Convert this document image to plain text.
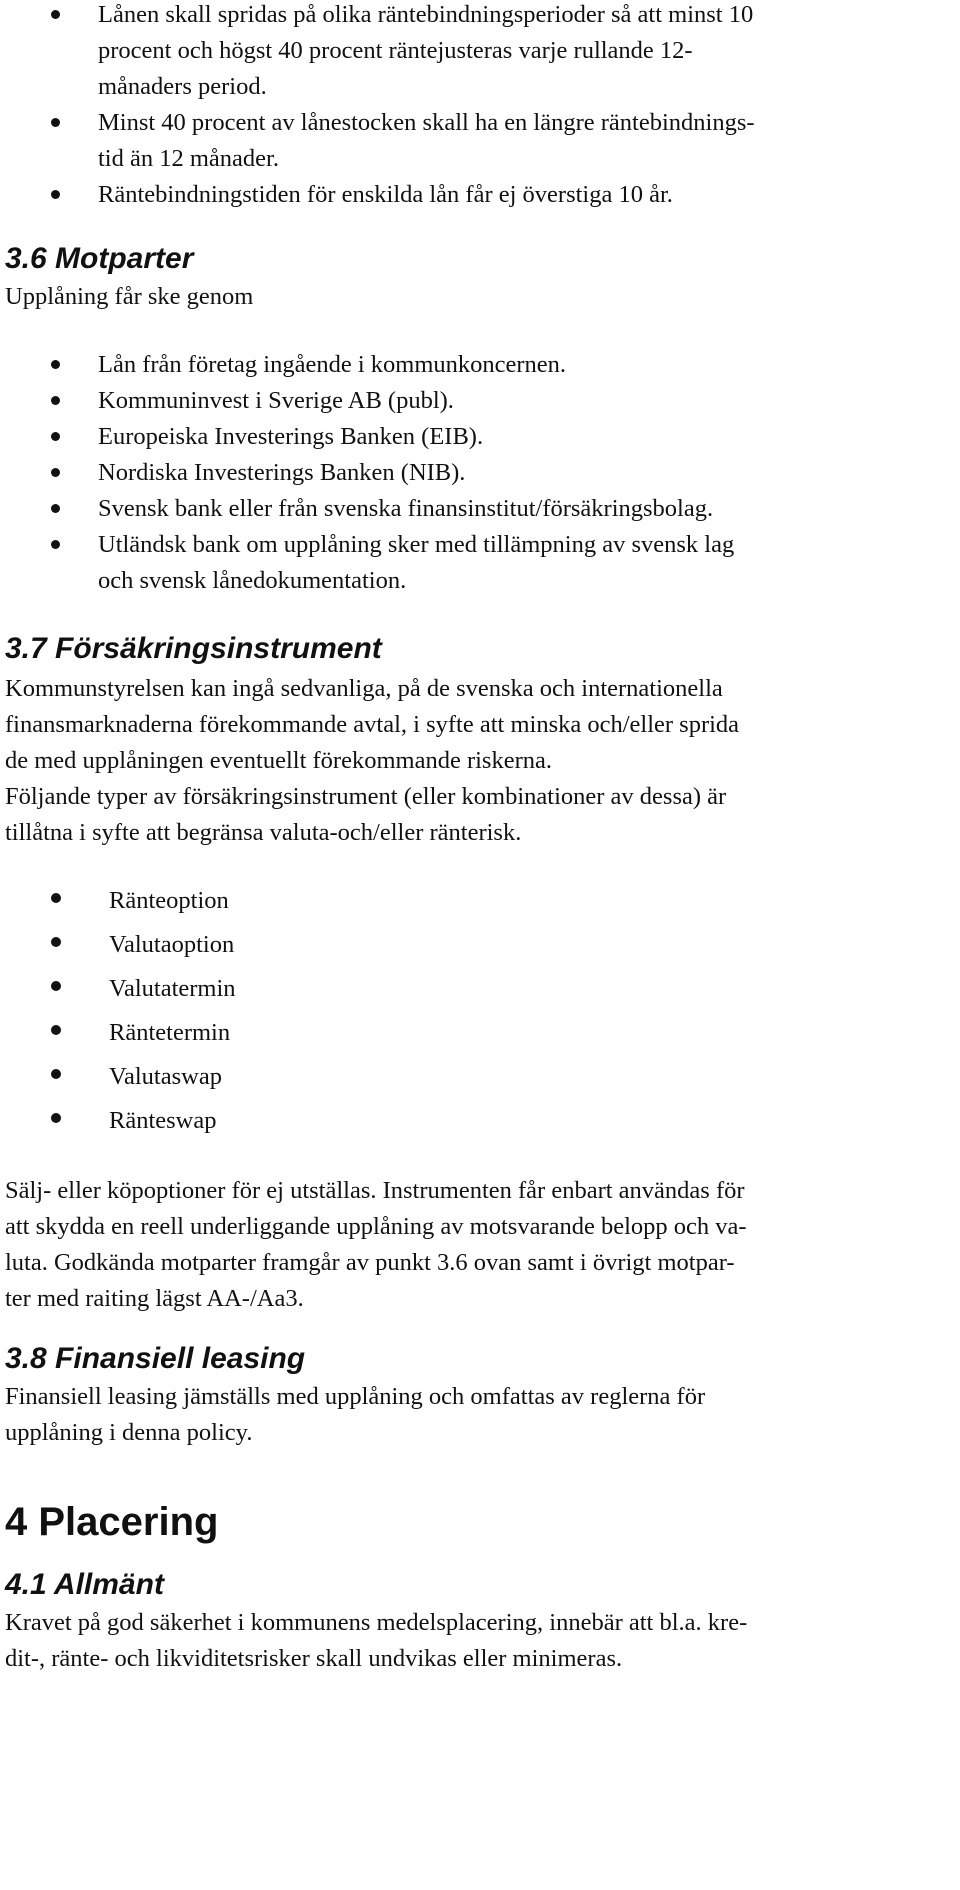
Lånen skall spridas på olika räntebindningsperioder så att minst 10
procent och högst 40 procent räntejusteras varje rullande 12-
månaders period.
Minst 40 procent av lånestocken skall ha en längre räntebindnings-
tid än 12 månader.
Räntebindningstiden för enskilda lån får ej överstiga 10 år.
3.6 Motparter

Upplåning får ske genom

Lån från företag ingående i kommunkoncernen.
Kommuninvest i Sverige AB (publ).
Europeiska Investerings Banken (EIB).
Nordiska Investerings Banken (NIB).
Svensk bank eller från svenska finansinstitut/försäkringsbolag.
Utländsk bank om upplåning sker med tillämpning av svensk lag
och svensk lånedokumentation.
3.7 Försäkringsinstrument

Kommunstyrelsen kan ingå sedvanliga, på de svenska och internationella

finansmarknaderna förekommande avtal, i syfte att minska och/eller sprida

de med upplåningen eventuellt förekommande riskerna.

Följande typer av försäkringsinstrument (eller kombinationer av dessa) är

tillåtna i syfte att begränsa valuta-och/eller ränterisk.

Ränteoption
Valutaoption
Valutatermin
Räntetermin
Valutaswap
Ränteswap

Sälj- eller köpoptioner för ej utställas. Instrumenten får enbart användas för

att skydda en reell underliggande upplåning av motsvarande belopp och va-

luta. Godkända motparter framgår av punkt 3.6 ovan samt i övrigt motpar-

ter med raiting lägst AA-/Aa3.

3.8 Finansiell leasing

Finansiell leasing jämställs med upplåning och omfattas av reglerna för

upplåning i denna policy.

4 Placering
4.1 Allmänt

Kravet på god säkerhet i kommunens medelsplacering, innebär att bl.a. kre-

dit-, ränte- och likviditetsrisker skall undvikas eller minimeras.
